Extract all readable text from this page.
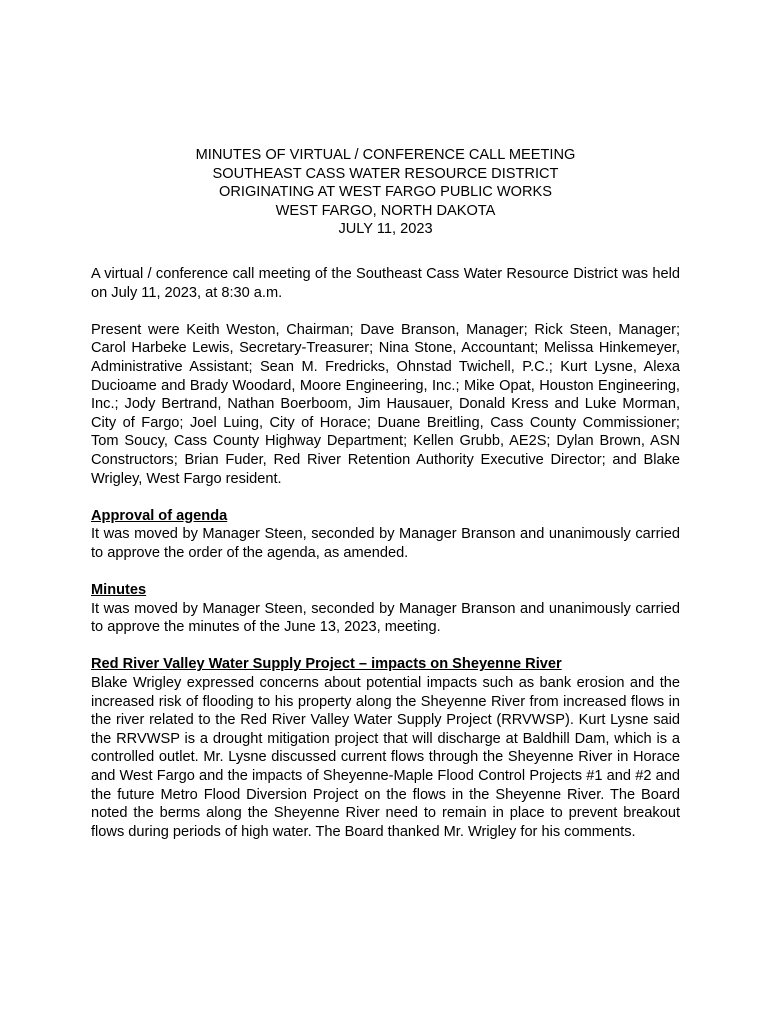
MINUTES OF VIRTUAL / CONFERENCE CALL MEETING
SOUTHEAST CASS WATER RESOURCE DISTRICT
ORIGINATING AT WEST FARGO PUBLIC WORKS
WEST FARGO, NORTH DAKOTA
JULY 11, 2023

A virtual / conference call meeting of the Southeast Cass Water Resource District was held on July 11, 2023, at 8:30 a.m.

Present were Keith Weston, Chairman; Dave Branson, Manager; Rick Steen, Manager; Carol Harbeke Lewis, Secretary-Treasurer; Nina Stone, Accountant; Melissa Hinkemeyer, Administrative Assistant; Sean M. Fredricks, Ohnstad Twichell, P.C.; Kurt Lysne, Alexa Ducioame and Brady Woodard, Moore Engineering, Inc.; Mike Opat, Houston Engineering, Inc.; Jody Bertrand, Nathan Boerboom, Jim Hausauer, Donald Kress and Luke Morman, City of Fargo; Joel Luing, City of Horace; Duane Breitling, Cass County Commissioner; Tom Soucy, Cass County Highway Department; Kellen Grubb, AE2S; Dylan Brown, ASN Constructors; Brian Fuder, Red River Retention Authority Executive Director; and Blake Wrigley, West Fargo resident.

Approval of agenda

It was moved by Manager Steen, seconded by Manager Branson and unanimously carried to approve the order of the agenda, as amended.

Minutes

It was moved by Manager Steen, seconded by Manager Branson and unanimously carried to approve the minutes of the June 13, 2023, meeting.

Red River Valley Water Supply Project – impacts on Sheyenne River

Blake Wrigley expressed concerns about potential impacts such as bank erosion and the increased risk of flooding to his property along the Sheyenne River from increased flows in the river related to the Red River Valley Water Supply Project (RRVWSP). Kurt Lysne said the RRVWSP is a drought mitigation project that will discharge at Baldhill Dam, which is a controlled outlet. Mr. Lysne discussed current flows through the Sheyenne River in Horace and West Fargo and the impacts of Sheyenne-Maple Flood Control Projects #1 and #2 and the future Metro Flood Diversion Project on the flows in the Sheyenne River. The Board noted the berms along the Sheyenne River need to remain in place to prevent breakout flows during periods of high water. The Board thanked Mr. Wrigley for his comments.
